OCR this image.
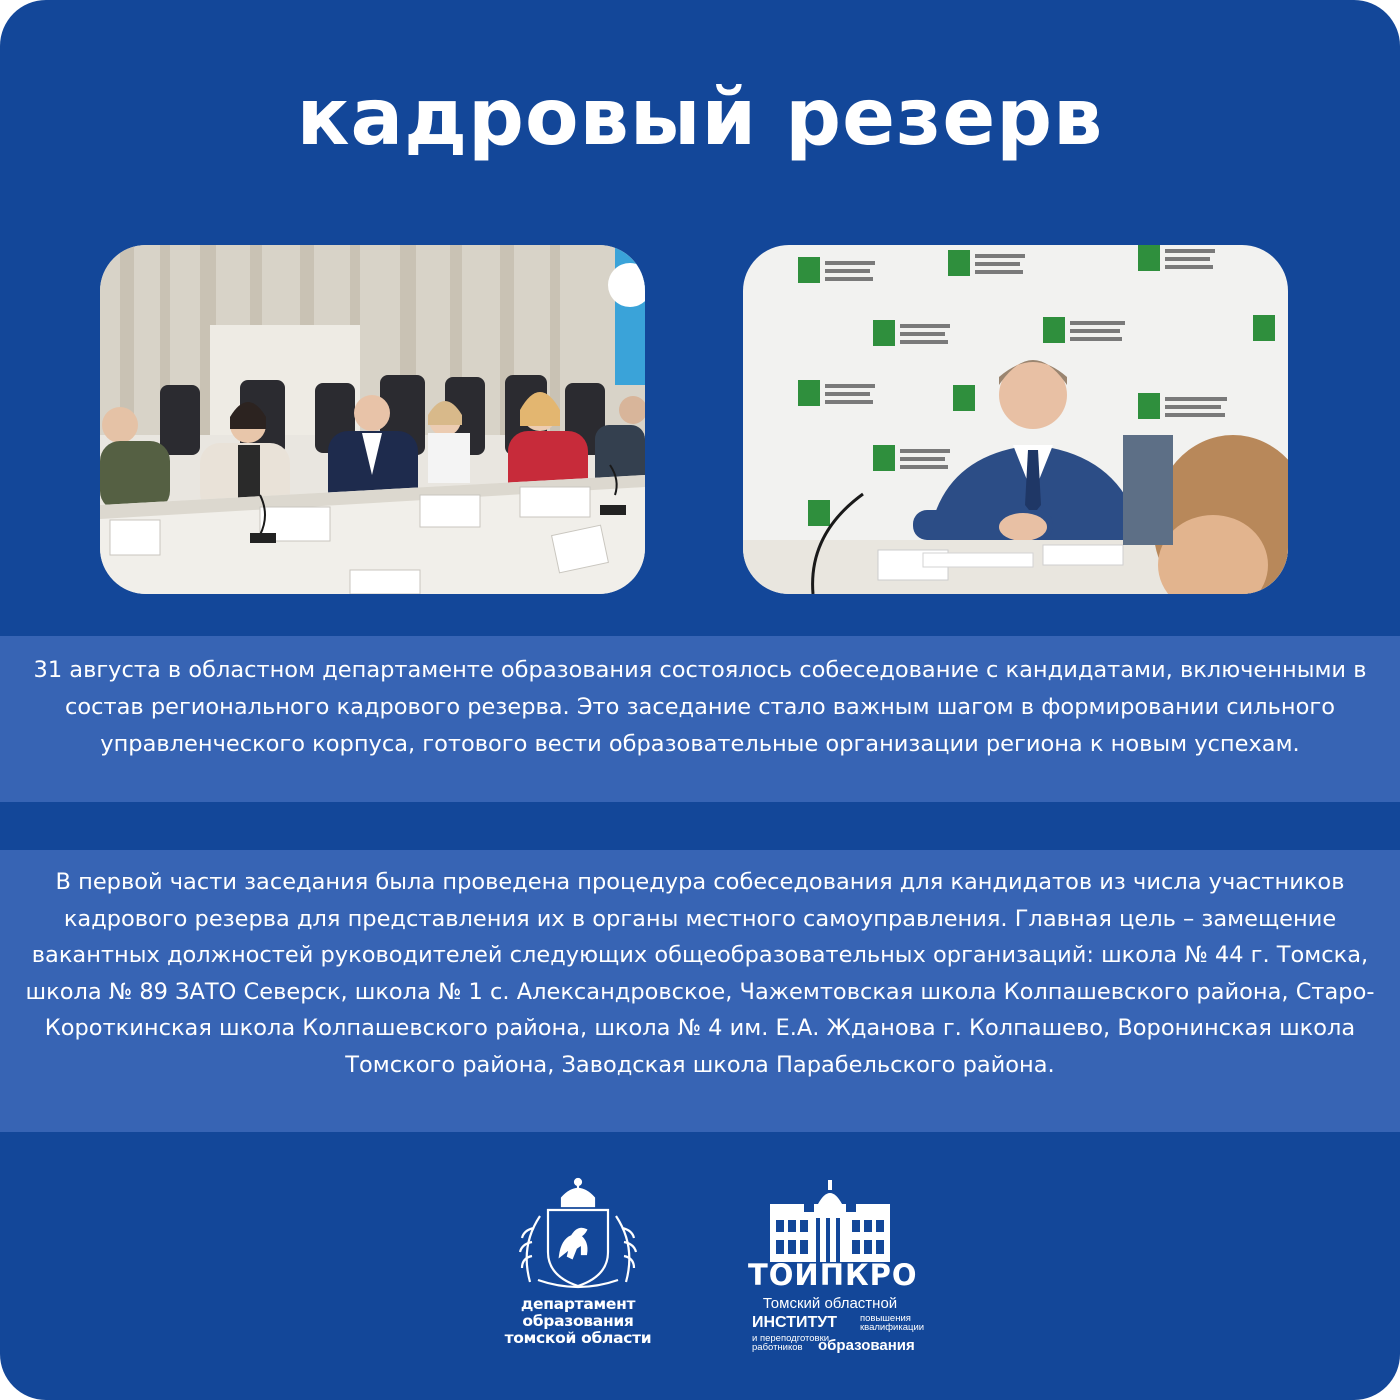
кадровый резерв

31 августа в областном департаменте образования состоялось собеседование с кандидатами, включенными в состав регионального кадрового резерва. Это заседание стало важным шагом в формировании сильного управленческого корпуса, готового вести образовательные организации региона к новым успехам.

В первой части заседания была проведена процедура собеседования для кандидатов из числа участников кадрового резерва для представления их в органы местного самоуправления. Главная цель – замещение вакантных должностей руководителей следующих общеобразовательных организаций: школа № 44 г. Томска, школа № 89 ЗАТО Северск, школа № 1 с. Александровское, Чажемтовская школа Колпашевского района, Старо-Короткинская школа Колпашевского района, школа № 4 им. Е.А. Жданова г. Колпашево, Воронинская школа Томского района, Заводская школа Парабельского района.

департамент
образования
томской области
ТОИПКРО
Томский областной
ИНСТИТУТ повышения
квалификации
и переподготовки
работников образования
